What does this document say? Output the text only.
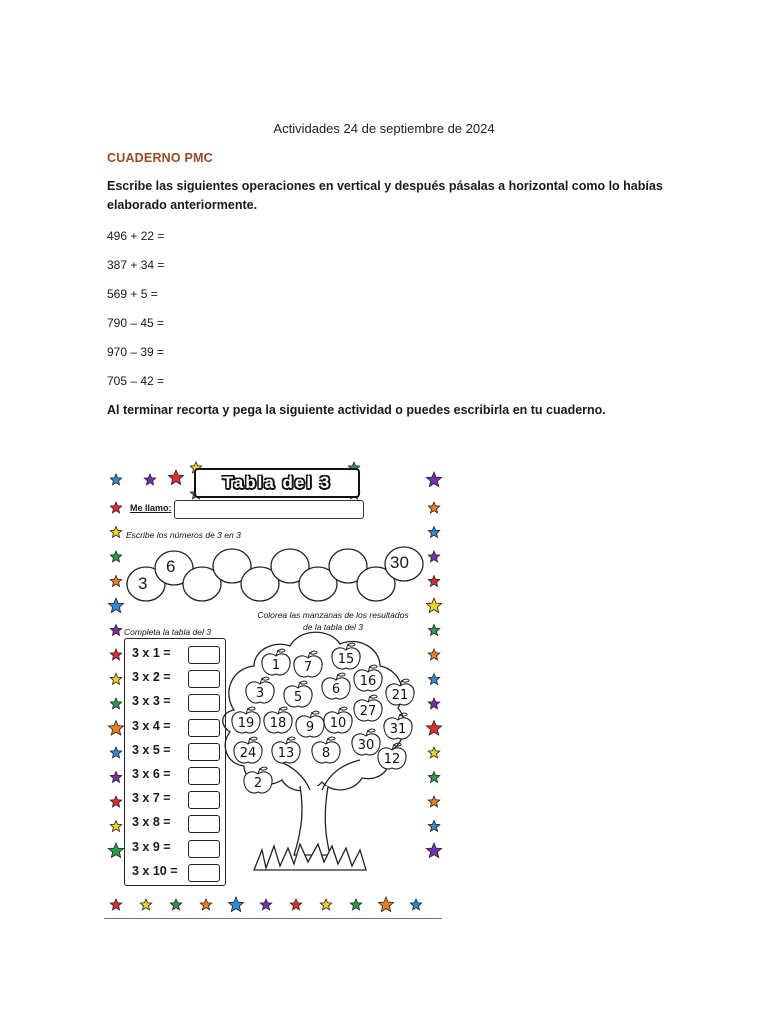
Actividades 24 de septiembre de 2024
CUADERNO PMC
Escribe las siguientes operaciones en vertical y después pásalas a horizontal como lo habías elaborado anteriormente.
496 + 22 =
387 + 34 =
569 + 5 =
790 – 45 =
970 – 39 =
705 – 42 =
Al terminar recorta y pega la siguiente actividad o puedes escribirla en tu cuaderno.
1 7
15
3 5
6
16
21
19 18 9 10
27
31
24 13 8
30
12
2
Tabla del 3
Me llamo:
Escribe los números de 3 en 3
3
6	30
Colorea las manzanas de los resultados
de la tabla del 3
Completa la tabla del 3
3 x 1 =
3 x 2 =
3 x 3 =
3 x 4 =
3 x 5 =
3 x 6 =
3 x 7 =
3 x 8 =
3 x 9 =
3 x 10 =
